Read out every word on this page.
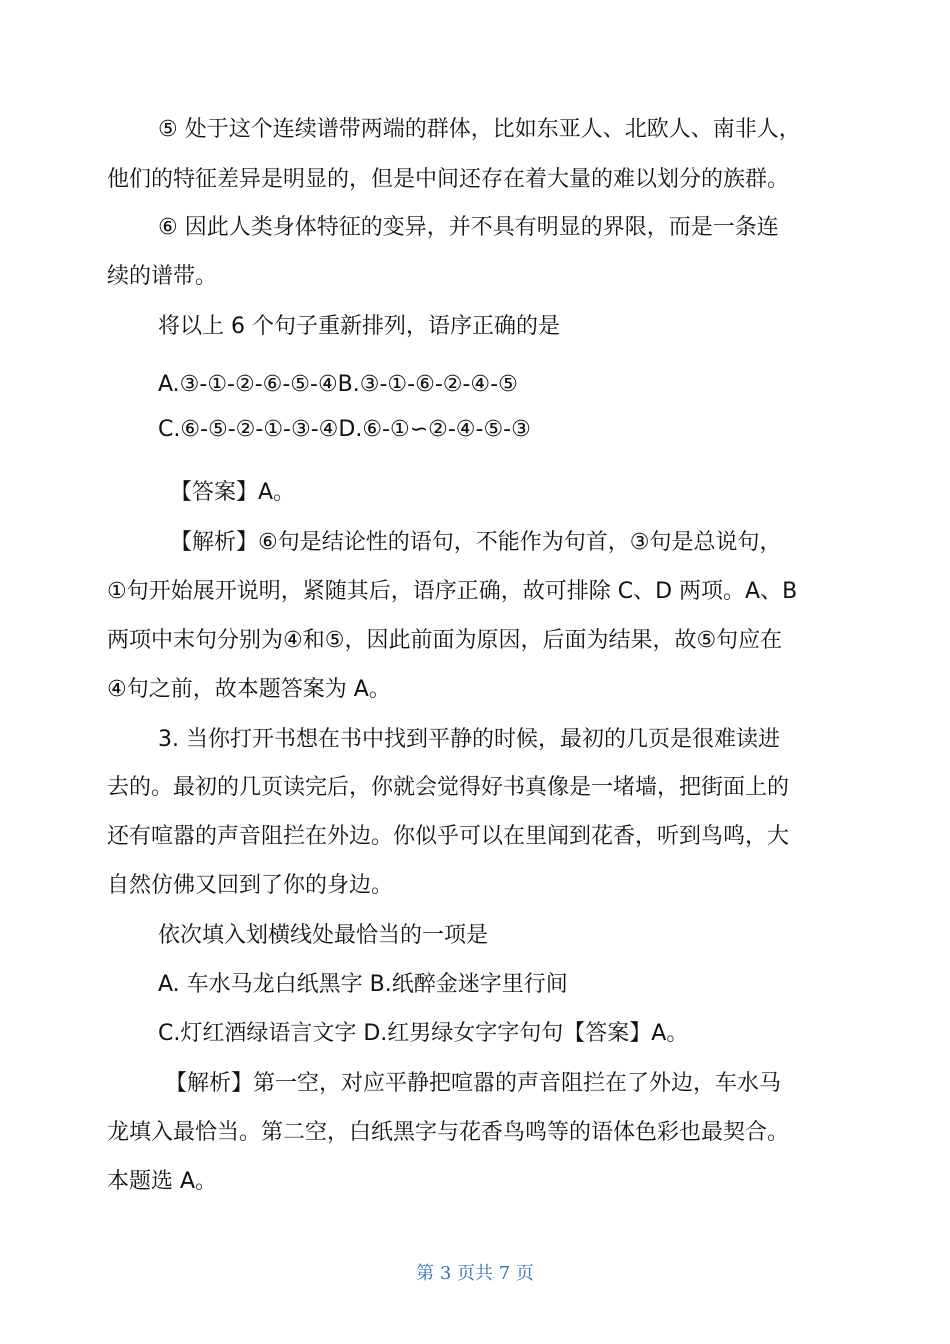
⑤ 处于这个连续谱带两端的群体，比如东亚人、北欧人、南非人，
他们的特征差异是明显的，但是中间还存在着大量的难以划分的族群。
⑥ 因此人类身体特征的变异，并不具有明显的界限，而是一条连
续的谱带。
将以上 6 个句子重新排列，语序正确的是
A.③-①-②-⑥-⑤-④B.③-①-⑥-②-④-⑤
C.⑥-⑤-②-①-③-④D.⑥-①∽②-④-⑤-③
【答案】A。
【解析】⑥句是结论性的语句，不能作为句首，③句是总说句，
①句开始展开说明，紧随其后，语序正确，故可排除 C、D 两项。A、B
两项中末句分别为④和⑤，因此前面为原因，后面为结果，故⑤句应在
④句之前，故本题答案为 A。
3. 当你打开书想在书中找到平静的时候，最初的几页是很难读进
去的。最初的几页读完后，你就会觉得好书真像是一堵墙，把街面上的
还有喧嚣的声音阻拦在外边。你似乎可以在里闻到花香，听到鸟鸣，大
自然仿佛又回到了你的身边。
依次填入划横线处最恰当的一项是
A. 车水马龙白纸黑字 B.纸醉金迷字里行间
C.灯红酒绿语言文字 D.红男绿女字字句句【答案】A。
【解析】第一空，对应平静把喧嚣的声音阻拦在了外边，车水马
龙填入最恰当。第二空，白纸黑字与花香鸟鸣等的语体色彩也最契合。
本题选 A。
第 3 页共 7 页
